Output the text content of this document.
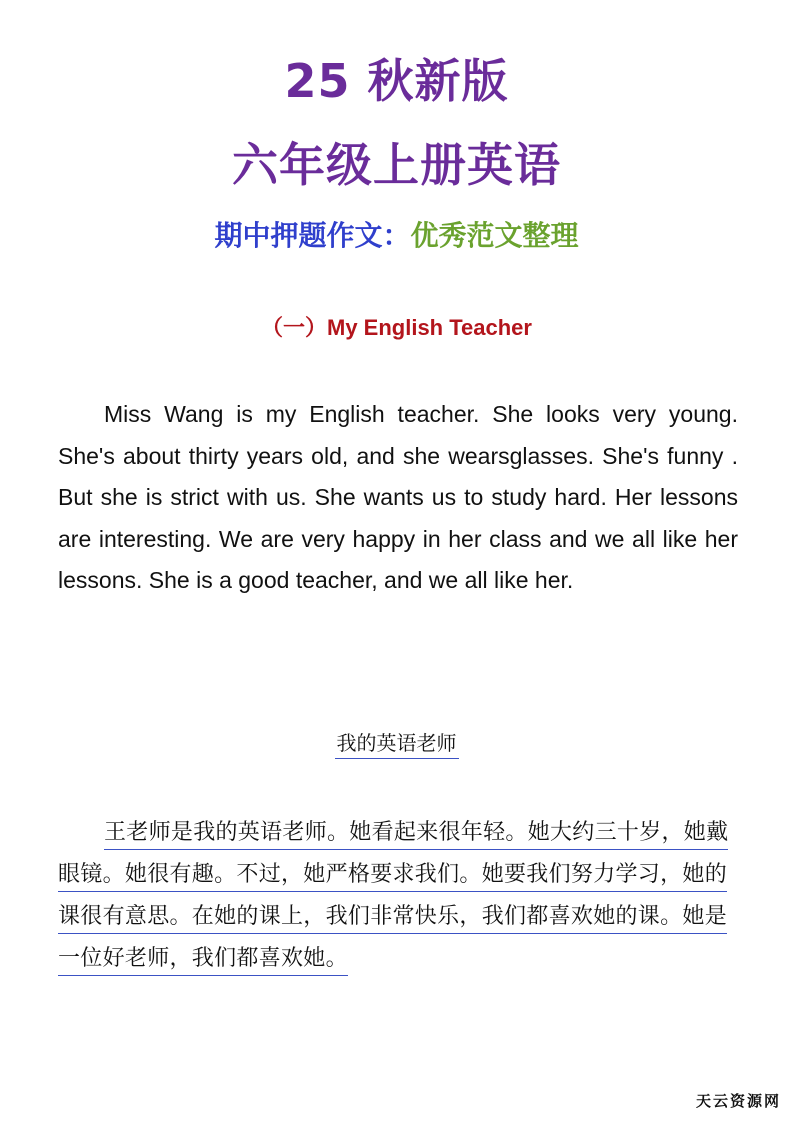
25 秋新版
六年级上册英语
期中押题作文：优秀范文整理
（一）My English Teacher

Miss Wang is my English teacher. She looks very young. She's about thirty years old, and she wearsglasses. She's funny . But she is strict with us. She wants us to study hard. Her lessons are interesting. We are very happy in her class and we all like her lessons. She is a good teacher, and we all like her.

我的英语老师

王老师是我的英语老师。她看起来很年轻。她大约三十岁，她戴眼镜。她很有趣。不过，她严格要求我们。她要我们努力学习，她的课很有意思。在她的课上，我们非常快乐，我们都喜欢她的课。她是一位好老师，我们都喜欢她。

天云资源网
